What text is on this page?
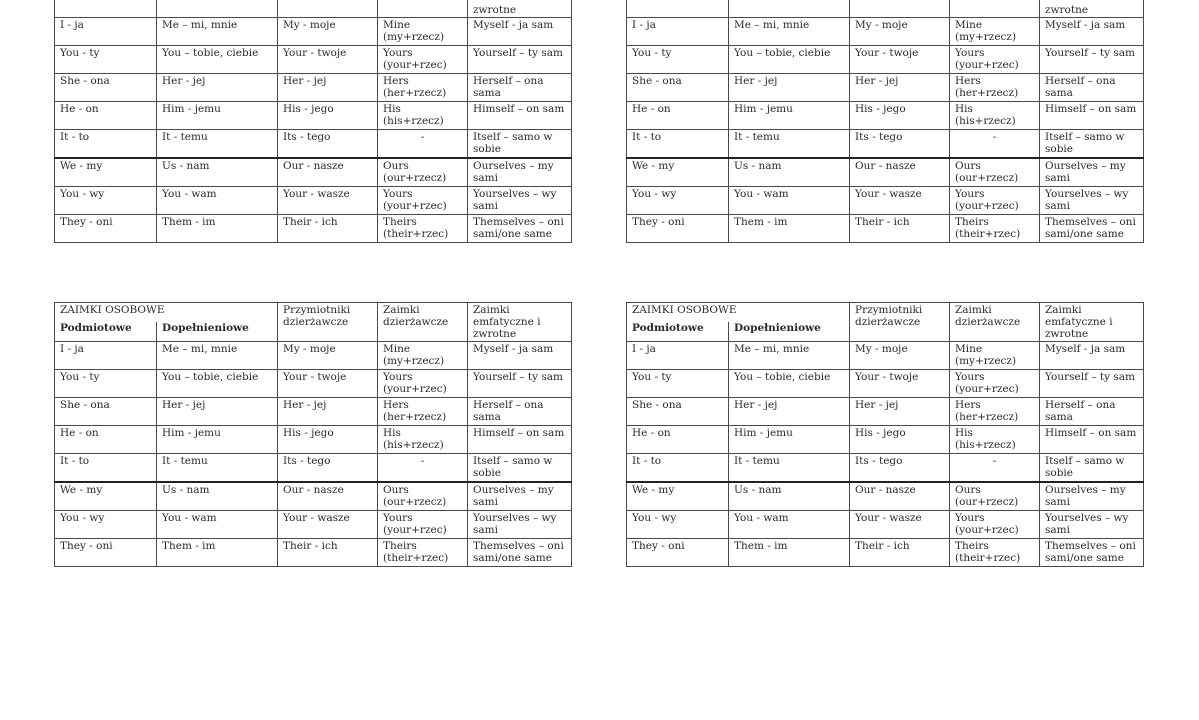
				zwrotne
I - ja	Me – mi, mnie	My - moje	Mine (my+rzecz)	Myself - ja sam
You - ty	You – tobie, ciebie	Your - twoje	Yours (your+rzec)	Yourself – ty sam
She - ona	Her - jej	Her - jej	Hers (her+rzecz)	Herself – ona sama
He - on	Him - jemu	His - jego	His (his+rzecz)	Himself – on sam
It - to	It - temu	Its - tego	-	Itself – samo w sobie
We - my	Us - nam	Our - nasze	Ours (our+rzecz)	Ourselves – my sami
You - wy	You - wam	Your - wasze	Yours (your+rzec)	Yourselves – wy sami
They - oni	Them - im	Their - ich	Theirs (their+rzec)	Themselves – oni sami/one same
				zwrotne
I - ja	Me – mi, mnie	My - moje	Mine (my+rzecz)	Myself - ja sam
You - ty	You – tobie, ciebie	Your - twoje	Yours (your+rzec)	Yourself – ty sam
She - ona	Her - jej	Her - jej	Hers (her+rzecz)	Herself – ona sama
He - on	Him - jemu	His - jego	His (his+rzecz)	Himself – on sam
It - to	It - temu	Its - tego	-	Itself – samo w sobie
We - my	Us - nam	Our - nasze	Ours (our+rzecz)	Ourselves – my sami
You - wy	You - wam	Your - wasze	Yours (your+rzec)	Yourselves – wy sami
They - oni	Them - im	Their - ich	Theirs (their+rzec)	Themselves – oni sami/one same
ZAIMKI OSOBOWE		Przymiotniki dzierżawcze	Zaimki dzierżawcze	Zaimki emfatyczne i zwrotne
Podmiotowe	Dopełnieniowe			
I - ja	Me – mi, mnie	My - moje	Mine (my+rzecz)	Myself - ja sam
You - ty	You – tobie, ciebie	Your - twoje	Yours (your+rzec)	Yourself – ty sam
She - ona	Her - jej	Her - jej	Hers (her+rzecz)	Herself – ona sama
He - on	Him - jemu	His - jego	His (his+rzecz)	Himself – on sam
It - to	It - temu	Its - tego	-	Itself – samo w sobie
We - my	Us - nam	Our - nasze	Ours (our+rzecz)	Ourselves – my sami
You - wy	You - wam	Your - wasze	Yours (your+rzec)	Yourselves – wy sami
They - oni	Them - im	Their - ich	Theirs (their+rzec)	Themselves – oni sami/one same
ZAIMKI OSOBOWE		Przymiotniki dzierżawcze	Zaimki dzierżawcze	Zaimki emfatyczne i zwrotne
Podmiotowe	Dopełnieniowe			
I - ja	Me – mi, mnie	My - moje	Mine (my+rzecz)	Myself - ja sam
You - ty	You – tobie, ciebie	Your - twoje	Yours (your+rzec)	Yourself – ty sam
She - ona	Her - jej	Her - jej	Hers (her+rzecz)	Herself – ona sama
He - on	Him - jemu	His - jego	His (his+rzecz)	Himself – on sam
It - to	It - temu	Its - tego	-	Itself – samo w sobie
We - my	Us - nam	Our - nasze	Ours (our+rzecz)	Ourselves – my sami
You - wy	You - wam	Your - wasze	Yours (your+rzec)	Yourselves – wy sami
They - oni	Them - im	Their - ich	Theirs (their+rzec)	Themselves – oni sami/one same
